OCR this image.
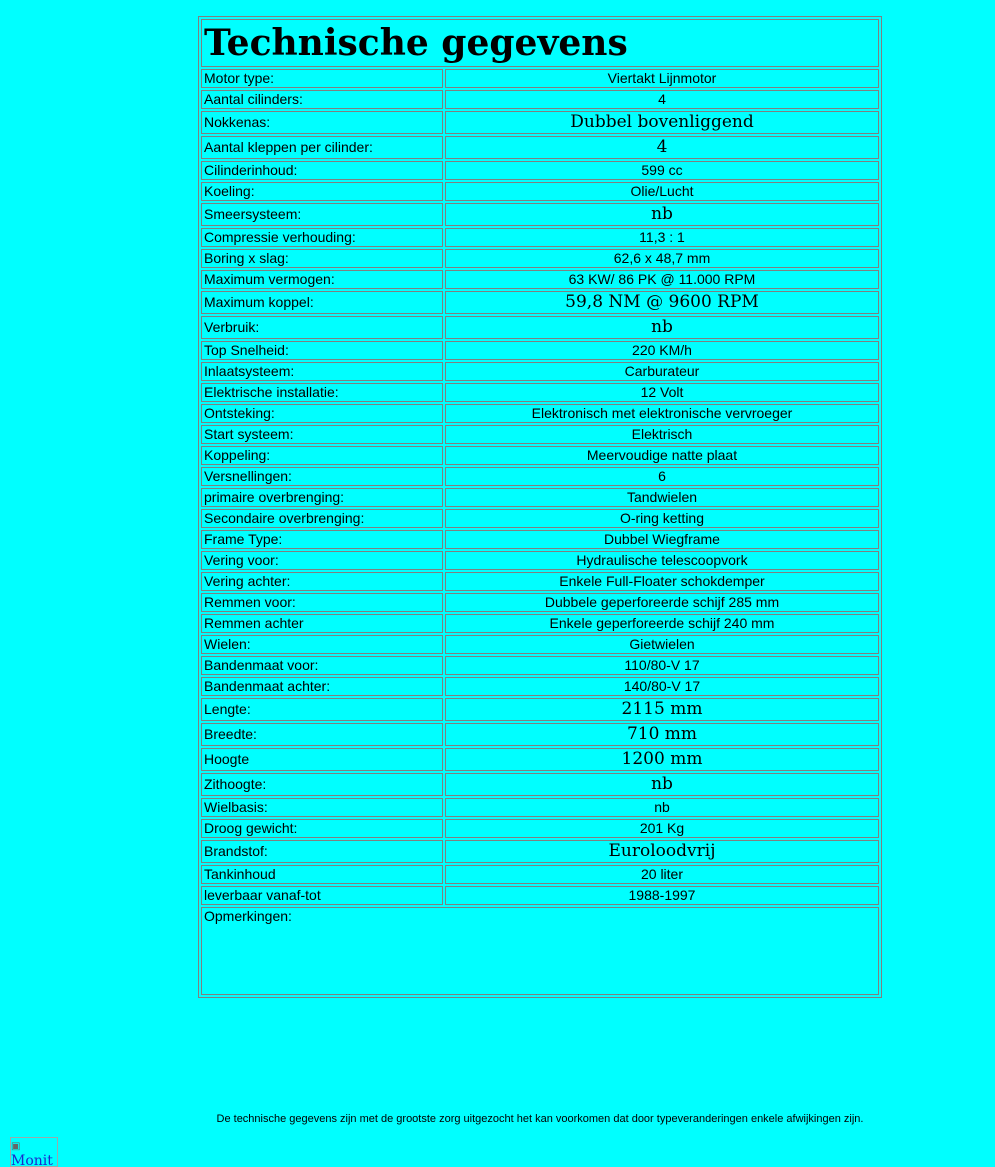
Technische gegevens	
Motor type:	Viertakt Lijnmotor
Aantal cilinders:	4
Nokkenas:	Dubbel bovenliggend
Aantal kleppen per cilinder:	4
Cilinderinhoud:	599 cc
Koeling:	Olie/Lucht
Smeersysteem:	nb
Compressie verhouding:	11,3 : 1
Boring x slag:	62,6 x 48,7 mm
Maximum vermogen:	63 KW/ 86 PK @ 11.000 RPM
Maximum koppel:	59,8 NM @ 9600 RPM
Verbruik:	nb
Top Snelheid:	220 KM/h
Inlaatsysteem:	Carburateur
Elektrische installatie:	12 Volt
Ontsteking:	Elektronisch met elektronische vervroeger
Start systeem:	Elektrisch
Koppeling:	Meervoudige natte plaat
Versnellingen:	6
primaire overbrenging:	Tandwielen
Secondaire overbrenging:	O-ring ketting
Frame Type:	Dubbel Wiegframe
Vering voor:	Hydraulische telescoopvork
Vering achter:	Enkele Full-Floater schokdemper
Remmen voor:	Dubbele geperforeerde schijf 285 mm
Remmen achter	Enkele geperforeerde schijf 240 mm
Wielen:	Gietwielen
Bandenmaat voor:	110/80-V 17
Bandenmaat achter:	140/80-V 17
Lengte:	2115 mm
Breedte:	710 mm
Hoogte	1200 mm
Zithoogte:	nb
Wielbasis:	nb
Droog gewicht:	201 Kg
Brandstof:	Euroloodvrij
Tankinhoud	20 liter
leverbaar vanaf-tot	1988-1997
Opmerkingen:	
De technische gegevens zijn met de grootste zorg uitgezocht het kan voorkomen dat door typeveranderingen enkele afwijkingen zijn.
▣
Monit
